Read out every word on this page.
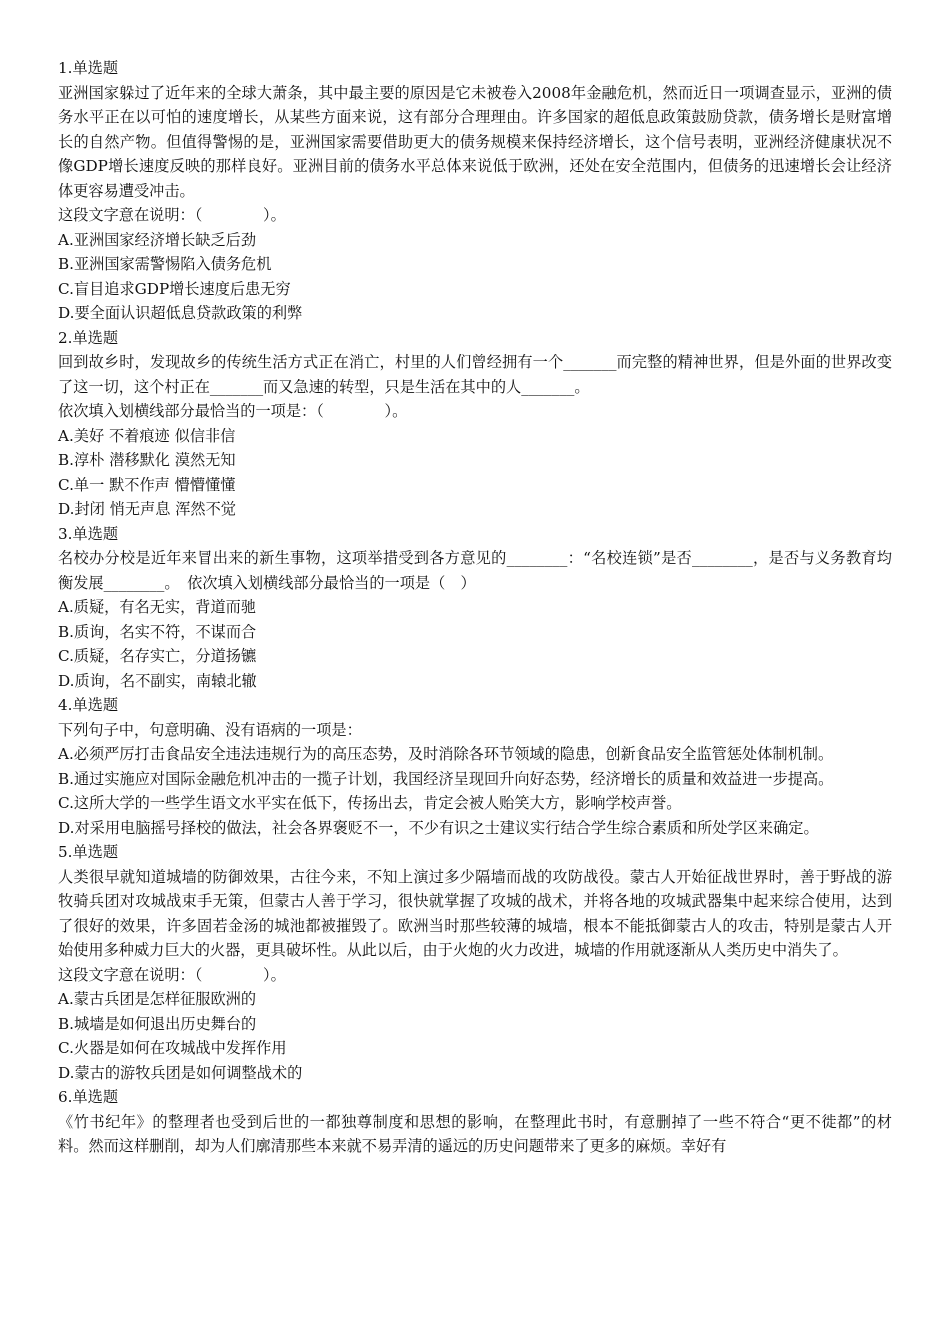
1.单选题
亚洲国家躲过了近年来的全球大萧条，其中最主要的原因是它未被卷入2008年金融危机，然而近日一项调查显示，亚洲的债务水平正在以可怕的速度增长，从某些方面来说，这有部分合理理由。许多国家的超低息政策鼓励贷款，债务增长是财富增长的自然产物。但值得警惕的是，亚洲国家需要借助更大的债务规模来保持经济增长，这个信号表明，亚洲经济健康状况不像GDP增长速度反映的那样良好。亚洲目前的债务水平总体来说低于欧洲，还处在安全范围内，但债务的迅速增长会让经济体更容易遭受冲击。
这段文字意在说明：（　　　　）。
A.亚洲国家经济增长缺乏后劲
B.亚洲国家需警惕陷入债务危机
C.盲目追求GDP增长速度后患无穷
D.要全面认识超低息贷款政策的利弊
2.单选题
回到故乡时，发现故乡的传统生活方式正在消亡，村里的人们曾经拥有一个_______而完整的精神世界，但是外面的世界改变了这一切，这个村正在_______而又急速的转型，只是生活在其中的人_______。
依次填入划横线部分最恰当的一项是：（　　　　）。
A.美好 不着痕迹 似信非信
B.淳朴 潜移默化 漠然无知
C.单一 默不作声 懵懵懂懂
D.封闭 悄无声息 浑然不觉
3.单选题
名校办分校是近年来冒出来的新生事物，这项举措受到各方意见的________：“名校连锁”是否________，是否与义务教育均衡发展________。　依次填入划横线部分最恰当的一项是（　）
A.质疑，有名无实，背道而驰
B.质询，名实不符，不谋而合
C.质疑，名存实亡，分道扬镳
D.质询，名不副实，南辕北辙
4.单选题
下列句子中，句意明确、没有语病的一项是：
A.必须严厉打击食品安全违法违规行为的高压态势，及时消除各环节领域的隐患，创新食品安全监管惩处体制机制。
B.通过实施应对国际金融危机冲击的一揽子计划，我国经济呈现回升向好态势，经济增长的质量和效益进一步提高。
C.这所大学的一些学生语文水平实在低下，传扬出去，肯定会被人贻笑大方，影响学校声誉。
D.对采用电脑摇号择校的做法，社会各界褒贬不一，不少有识之士建议实行结合学生综合素质和所处学区来确定。
5.单选题
人类很早就知道城墙的防御效果，古往今来，不知上演过多少隔墙而战的攻防战役。蒙古人开始征战世界时，善于野战的游牧骑兵团对攻城战束手无策，但蒙古人善于学习，很快就掌握了攻城的战术，并将各地的攻城武器集中起来综合使用，达到了很好的效果，许多固若金汤的城池都被摧毁了。欧洲当时那些较薄的城墙，根本不能抵御蒙古人的攻击，特别是蒙古人开始使用多种威力巨大的火器，更具破坏性。从此以后，由于火炮的火力改进，城墙的作用就逐渐从人类历史中消失了。
这段文字意在说明：（　　　　）。
A.蒙古兵团是怎样征服欧洲的
B.城墙是如何退出历史舞台的
C.火器是如何在攻城战中发挥作用
D.蒙古的游牧兵团是如何调整战术的
6.单选题
《竹书纪年》的整理者也受到后世的一都独尊制度和思想的影响，在整理此书时，有意删掉了一些不符合“更不徙都”的材料。然而这样删削，却为人们廓清那些本来就不易弄清的遥远的历史问题带来了更多的麻烦。幸好有
